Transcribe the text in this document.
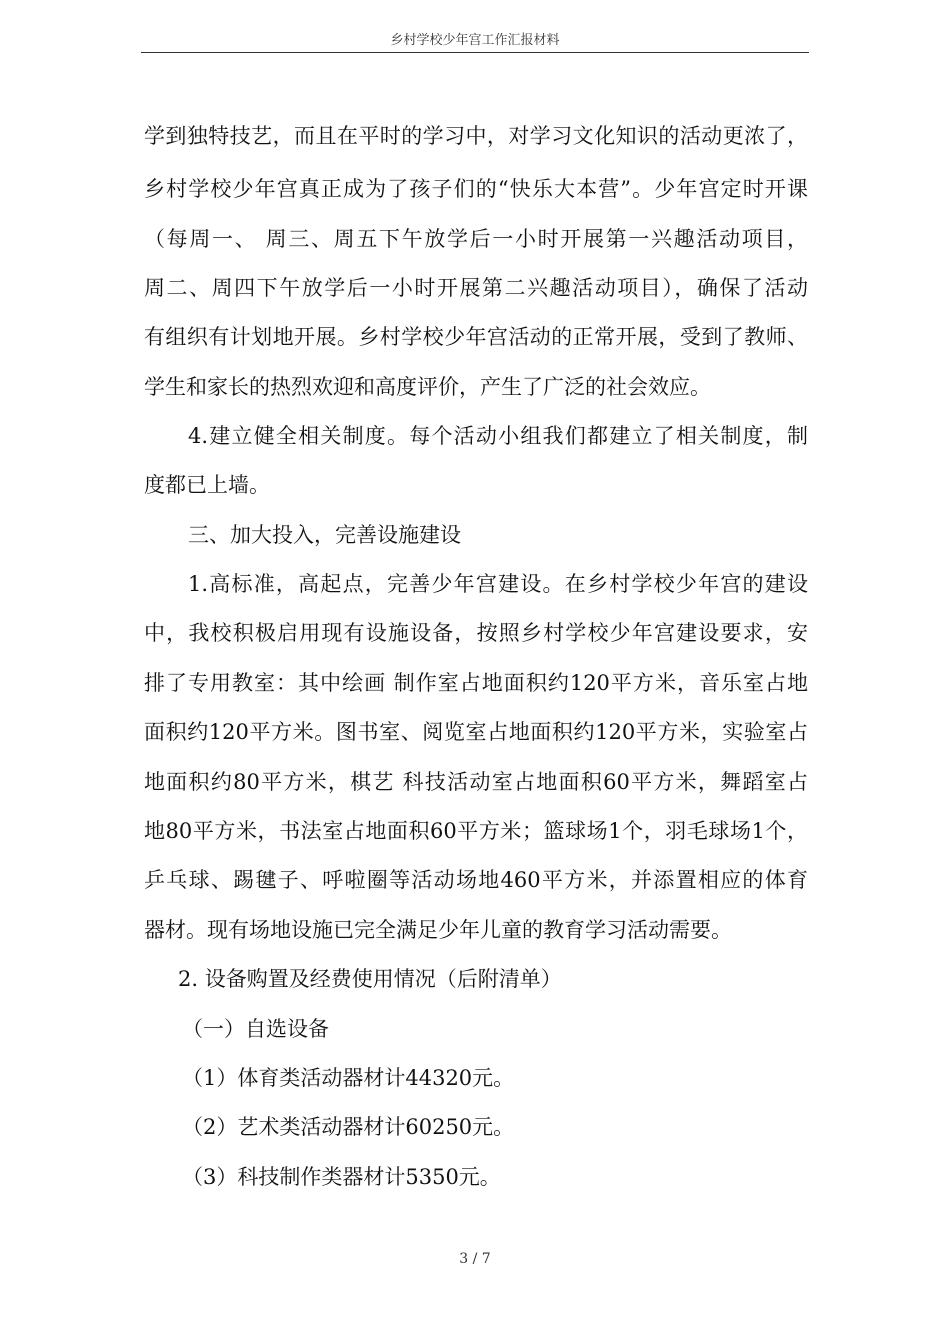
乡村学校少年宫工作汇报材料
学到独特技艺，而且在平时的学习中，对学习文化知识的活动更浓了，
乡村学校少年宫真正成为了孩子们的“快乐大本营”。少年宫定时开课
（每周一、 周三、周五下午放学后一小时开展第一兴趣活动项目，
周二、周四下午放学后一小时开展第二兴趣活动项目），确保了活动
有组织有计划地开展。乡村学校少年宫活动的正常开展，受到了教师、
学生和家长的热烈欢迎和高度评价，产生了广泛的社会效应。
4.建立健全相关制度。每个活动小组我们都建立了相关制度，制
度都已上墙。
三、加大投入，完善设施建设
1.高标准，高起点，完善少年宫建设。在乡村学校少年宫的建设
中，我校积极启用现有设施设备，按照乡村学校少年宫建设要求，安
排了专用教室：其中绘画 制作室占地面积约120平方米，音乐室占地
面积约120平方米。图书室、阅览室占地面积约120平方米，实验室占
地面积约80平方米，棋艺 科技活动室占地面积60平方米，舞蹈室占
地80平方米，书法室占地面积60平方米；篮球场1个，羽毛球场1个，
乒乓球、踢毽子、呼啦圈等活动场地460平方米，并添置相应的体育
器材。现有场地设施已完全满足少年儿童的教育学习活动需要。
2. 设备购置及经费使用情况（后附清单）
（一）自选设备
（1）体育类活动器材计44320元。
（2）艺术类活动器材计60250元。
（3）科技制作类器材计5350元。
3 / 7
